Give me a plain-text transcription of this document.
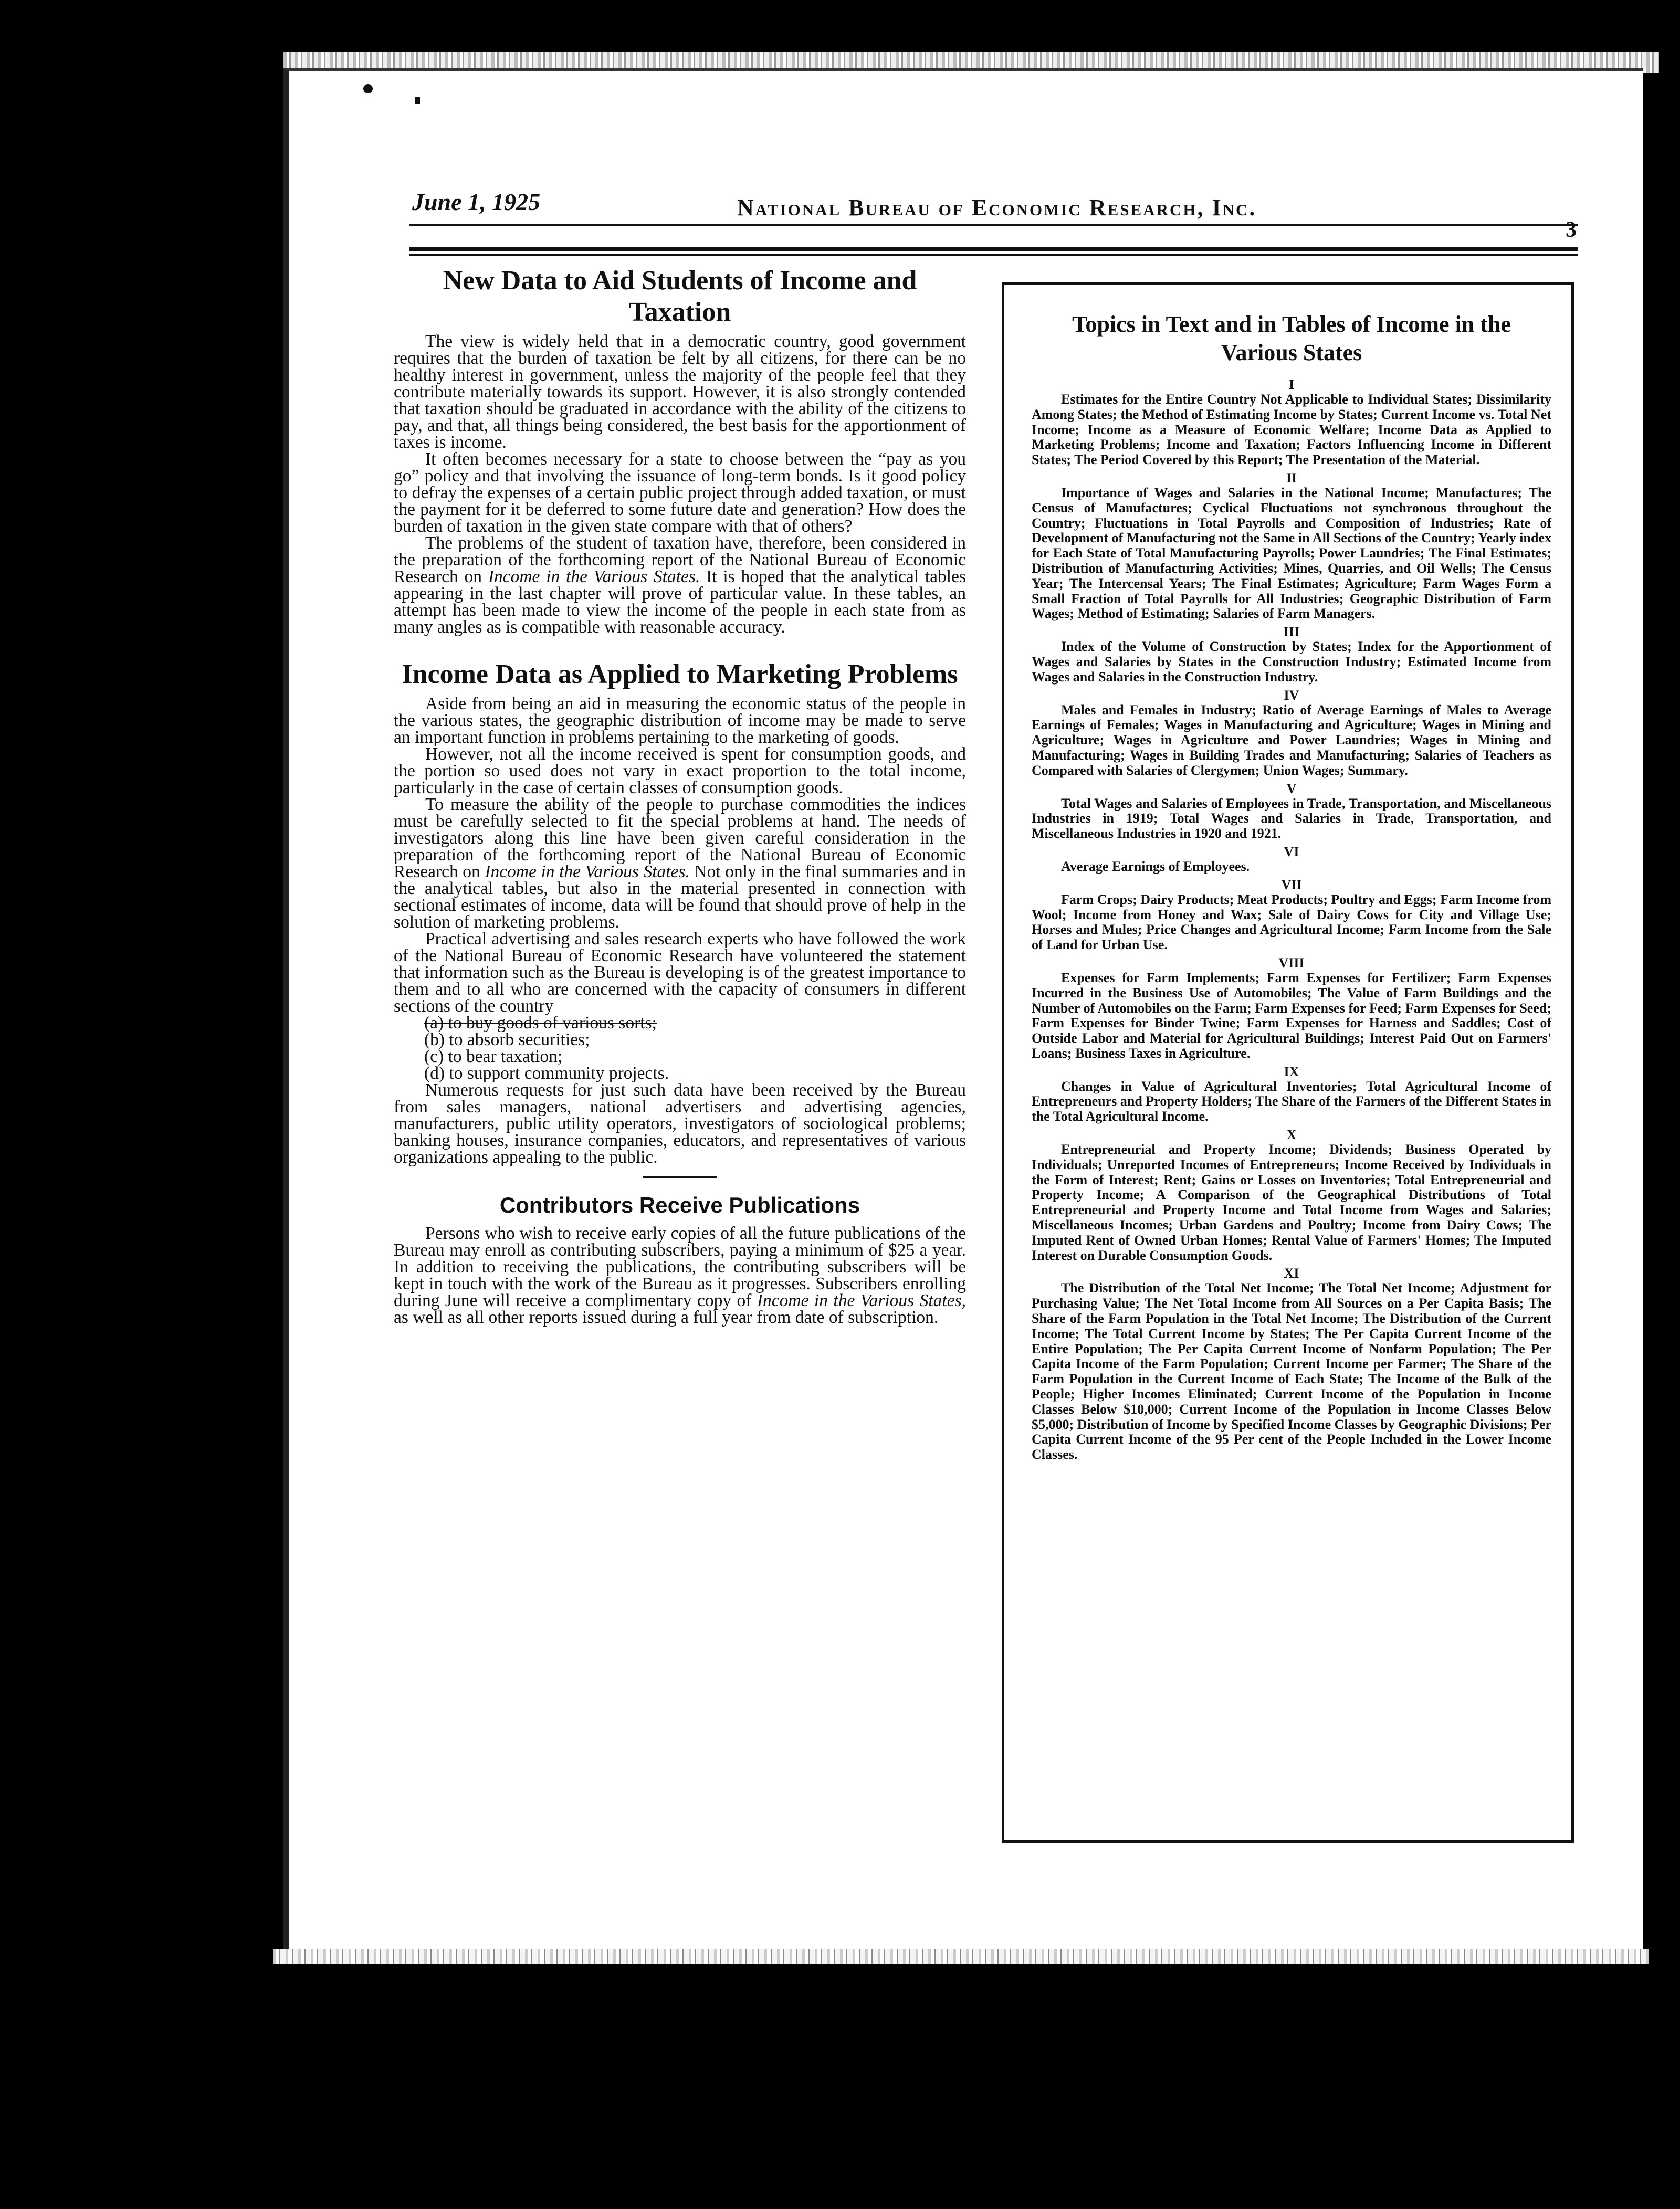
June 1, 1925	National Bureau of Economic Research, Inc.
3
New Data to Aid Students of Income and Taxation

The view is widely held that in a democratic country, good government requires that the burden of taxation be felt by all citizens, for there can be no healthy interest in government, unless the majority of the people feel that they contribute materially towards its support. However, it is also strongly contended that taxation should be graduated in accordance with the ability of the citizens to pay, and that, all things being considered, the best basis for the apportionment of taxes is income.

It often becomes necessary for a state to choose between the “pay as you go” policy and that involving the issuance of long-term bonds. Is it good policy to defray the expenses of a certain public project through added taxation, or must the payment for it be deferred to some future date and generation? How does the burden of taxation in the given state compare with that of others?

The problems of the student of taxation have, therefore, been considered in the preparation of the forthcoming report of the National Bureau of Economic Research on Income in the Various States. It is hoped that the analytical tables appearing in the last chapter will prove of particular value. In these tables, an attempt has been made to view the income of the people in each state from as many angles as is compatible with reasonable accuracy.

Income Data as Applied to Marketing Problems

Aside from being an aid in measuring the economic status of the people in the various states, the geographic distribution of income may be made to serve an important function in problems pertaining to the marketing of goods.

However, not all the income received is spent for consumption goods, and the portion so used does not vary in exact proportion to the total income, particularly in the case of certain classes of consumption goods.

To measure the ability of the people to purchase commodities the indices must be carefully selected to fit the special problems at hand. The needs of investigators along this line have been given careful consideration in the preparation of the forthcoming report of the National Bureau of Economic Research on Income in the Various States. Not only in the final summaries and in the analytical tables, but also in the material presented in connection with sectional estimates of income, data will be found that should prove of help in the solution of marketing problems.

Practical advertising and sales research experts who have followed the work of the National Bureau of Economic Research have volunteered the statement that information such as the Bureau is developing is of the greatest importance to them and to all who are concerned with the capacity of consumers in different sections of the country

(a) to buy goods of various sorts;
(b) to absorb securities;
(c) to bear taxation;
(d) to support community projects.

Numerous requests for just such data have been received by the Bureau from sales managers, national advertisers and advertising agencies, manufacturers, public utility operators, investigators of sociological problems; banking houses, insurance companies, educators, and representatives of various organizations appealing to the public.

Contributors Receive Publications

Persons who wish to receive early copies of all the future publications of the Bureau may enroll as contributing subscribers, paying a minimum of $25 a year. In addition to receiving the publications, the contributing subscribers will be kept in touch with the work of the Bureau as it progresses. Subscribers enrolling during June will receive a complimentary copy of Income in the Various States, as well as all other reports issued during a full year from date of subscription.

Topics in Text and in Tables of Income in the Various States
I

Estimates for the Entire Country Not Applicable to Individual States; Dissimilarity Among States; the Method of Estimating Income by States; Current Income vs. Total Net Income; Income as a Measure of Economic Welfare; Income Data as Applied to Marketing Problems; Income and Taxation; Factors Influencing Income in Different States; The Period Covered by this Report; The Presentation of the Material.

II

Importance of Wages and Salaries in the National Income; Manufactures; The Census of Manufactures; Cyclical Fluctuations not synchronous throughout the Country; Fluctuations in Total Payrolls and Composition of Industries; Rate of Development of Manufacturing not the Same in All Sections of the Country; Yearly index for Each State of Total Manufacturing Payrolls; Power Laundries; The Final Estimates; Distribution of Manufacturing Activities; Mines, Quarries, and Oil Wells; The Census Year; The Intercensal Years; The Final Estimates; Agriculture; Farm Wages Form a Small Fraction of Total Payrolls for All Industries; Geographic Distribution of Farm Wages; Method of Estimating; Salaries of Farm Managers.

III

Index of the Volume of Construction by States; Index for the Apportionment of Wages and Salaries by States in the Construction Industry; Estimated Income from Wages and Salaries in the Construction Industry.

IV

Males and Females in Industry; Ratio of Average Earnings of Males to Average Earnings of Females; Wages in Manufacturing and Agriculture; Wages in Mining and Agriculture; Wages in Agriculture and Power Laundries; Wages in Mining and Manufacturing; Wages in Building Trades and Manufacturing; Salaries of Teachers as Compared with Salaries of Clergymen; Union Wages; Summary.

V

Total Wages and Salaries of Employees in Trade, Transportation, and Miscellaneous Industries in 1919; Total Wages and Salaries in Trade, Transportation, and Miscellaneous Industries in 1920 and 1921.

VI

Average Earnings of Employees.

VII

Farm Crops; Dairy Products; Meat Products; Poultry and Eggs; Farm Income from Wool; Income from Honey and Wax; Sale of Dairy Cows for City and Village Use; Horses and Mules; Price Changes and Agricultural Income; Farm Income from the Sale of Land for Urban Use.

VIII

Expenses for Farm Implements; Farm Expenses for Fertilizer; Farm Expenses Incurred in the Business Use of Automobiles; The Value of Farm Buildings and the Number of Automobiles on the Farm; Farm Expenses for Feed; Farm Expenses for Seed; Farm Expenses for Binder Twine; Farm Expenses for Harness and Saddles; Cost of Outside Labor and Material for Agricultural Buildings; Interest Paid Out on Farmers' Loans; Business Taxes in Agriculture.

IX

Changes in Value of Agricultural Inventories; Total Agricultural Income of Entrepreneurs and Property Holders; The Share of the Farmers of the Different States in the Total Agricultural Income.

X

Entrepreneurial and Property Income; Dividends; Business Operated by Individuals; Unreported Incomes of Entrepreneurs; Income Received by Individuals in the Form of Interest; Rent; Gains or Losses on Inventories; Total Entrepreneurial and Property Income; A Comparison of the Geographical Distributions of Total Entrepreneurial and Property Income and Total Income from Wages and Salaries; Miscellaneous Incomes; Urban Gardens and Poultry; Income from Dairy Cows; The Imputed Rent of Owned Urban Homes; Rental Value of Farmers' Homes; The Imputed Interest on Durable Consumption Goods.

XI

The Distribution of the Total Net Income; The Total Net Income; Adjustment for Purchasing Value; The Net Total Income from All Sources on a Per Capita Basis; The Share of the Farm Population in the Total Net Income; The Distribution of the Current Income; The Total Current Income by States; The Per Capita Current Income of the Entire Population; The Per Capita Current Income of Nonfarm Population; The Per Capita Income of the Farm Population; Current Income per Farmer; The Share of the Farm Population in the Current Income of Each State; The Income of the Bulk of the People; Higher Incomes Eliminated; Current Income of the Population in Income Classes Below $10,000; Current Income of the Population in Income Classes Below $5,000; Distribution of Income by Specified Income Classes by Geographic Divisions; Per Capita Current Income of the 95 Per cent of the People Included in the Lower Income Classes.
